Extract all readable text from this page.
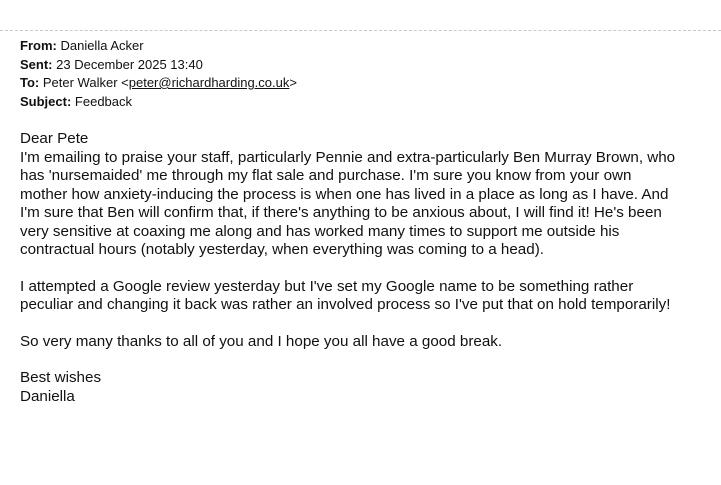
From: Daniella Acker
Sent: 23 December 2025 13:40
To: Peter Walker <peter@richardharding.co.uk>
Subject: Feedback

Dear Pete

I'm emailing to praise your staff, particularly Pennie and extra-particularly Ben Murray Brown, who

has 'nursemaided' me through my flat sale and purchase. I'm sure you know from your own

mother how anxiety-inducing the process is when one has lived in a place as long as I have. And

I'm sure that Ben will confirm that, if there's anything to be anxious about, I will find it! He's been

very sensitive at coaxing me along and has worked many times to support me outside his

contractual hours (notably yesterday, when everything was coming to a head).

I attempted a Google review yesterday but I've set my Google name to be something rather

peculiar and changing it back was rather an involved process so I've put that on hold temporarily!

So very many thanks to all of you and I hope you all have a good break.

Best wishes

Daniella
